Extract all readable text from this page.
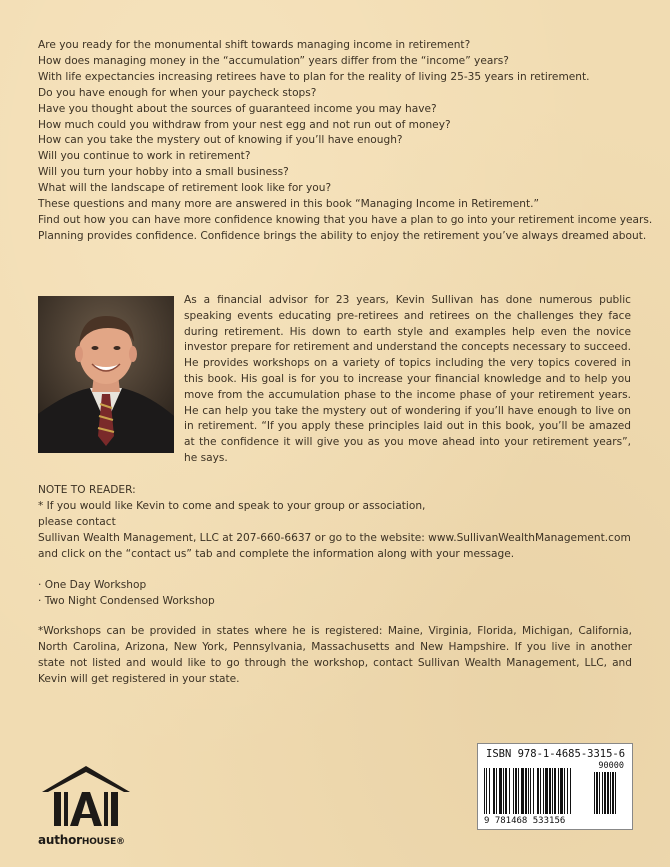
Are you ready for the monumental shift towards managing income in retirement?

How does managing money in the “accumulation” years differ from the “income” years?

With life expectancies increasing retirees have to plan for the reality of living 25-35 years in retirement.

Do you have enough for when your paycheck stops?

Have you thought about the sources of guaranteed income you may have?

How much could you withdraw from your nest egg and not run out of money?

How can you take the mystery out of knowing if you’ll have enough?

Will you continue to work in retirement?

Will you turn your hobby into a small business?

What will the landscape of retirement look like for you?

These questions and many more are answered in this book “Managing Income in Retirement.”

Find out how you can have more confidence knowing that you have a plan to go into your retirement income years.

Planning provides confidence. Confidence brings the ability to enjoy the retirement you’ve always dreamed about.

As a financial advisor for 23 years, Kevin Sullivan has done numerous public speaking events educating pre-retirees and retirees on the challenges they face during retirement. His down to earth style and examples help even the novice investor prepare for retirement and understand the concepts necessary to succeed. He provides workshops on a variety of topics including the very topics covered in this book. His goal is for you to increase your financial knowledge and to help you move from the accumulation phase to the income phase of your retirement years. He can help you take the mystery out of wondering if you’ll have enough to live on in retirement. “If you apply these principles laid out in this book, you’ll be amazed at the confidence it will give you as you move ahead into your retirement years”, he says.

NOTE TO READER:

* If you would like Kevin to come and speak to your group or association,

please contact

Sullivan Wealth Management, LLC at 207-660-6637 or go to the website: www.SullivanWealthManagement.com

and click on the “contact us” tab and complete the information along with your message.

· One Day Workshop

· Two Night Condensed Workshop

*Workshops can be provided in states where he is registered: Maine, Virginia, Florida, Michigan, California, North Carolina, Arizona, New York, Pennsylvania, Massachusetts and New Hampshire. If you live in another state not listed and would like to go through the workshop, contact Sullivan Wealth Management, LLC, and Kevin will get registered in your state.
authorHOUSE®
ISBN 978-1-4685-3315-6
90000
9 781468 533156
